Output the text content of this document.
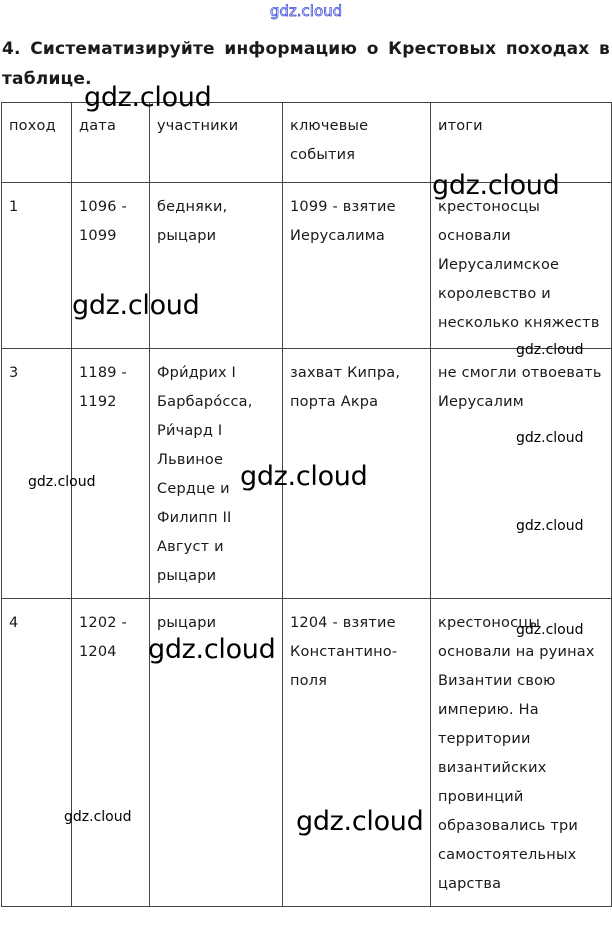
gdz.cloud
4. Систематизируйте информацию о Крестовых походах в
таблице.
поход	дата	участники	ключевые события	итоги
1	1096 - 1099	бедняки, рыцари	1099 - взятие Иерусалима	крестоносцы основали Иерусалимское королевство и несколько княжеств
3	1189 - 1192	Фри́дрих I Барбаро́сса, Ри́чард I Львиное Сердце и Филипп II Август и рыцари	захват Кипра, порта Акра	не смогли отвоевать Иерусалим
4	1202 - 1204	рыцари	1204 - взятие Константино-поля	крестоносцы основали на руинах Византии свою империю. На территории византийских провинций образовались три самостоятельных царства
gdz.cloud
gdz.cloud
gdz.cloud
gdz.cloud
gdz.cloud
gdz.cloud
gdz.cloud
gdz.cloud
gdz.cloud
gdz.cloud
gdz.cloud	gdz.cloud
